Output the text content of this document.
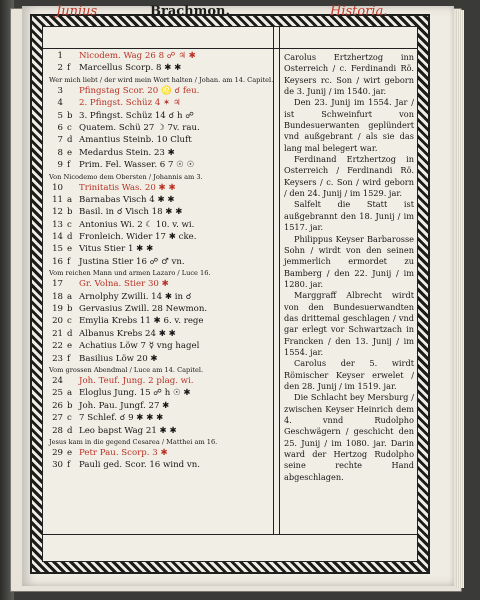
Junius	Brachmon.	Historia.
1 Nicodem. Wag 26 8 ☍ ♃ ✱
2 f	Marcellus Scorp. 8 ✱ ✱
Wer mich liebt / der wird mein Wort halten / Johan. am 14. Capitel.
3 Pfingstag Scor. 20 ♌ ☌ feu.
4 2. Pfingst. Schüz 4 ✶ ♃
5 b 3. Pfingst. Schüz 14 ☌ h ☍
6 c Quatem. Schü 27 ☽ 7v. rau.
7 d Amantius Steinb. 10 Cluft
8 e Medardus Stein. 23 ✱
9 f	Prim. Fel. Wasser. 6 7 ☉ ☉
Von Nicodemo dem Obersten / Johannis am 3.
10 Trinitatis Was. 20 ✱ ✱
11 a Barnabas Visch 4 ✱ ✱
12 b Basil. in ☌ Visch 18 ✱ ✱
13 c Antonius Wi. 2 ☾ 10. v. wi.
14 d Fronleich. Wider 17 ✱ cke.
15 e Vitus Stier 1 ✱ ✱
16 f	Justina Stier 16 ☍ ♂ vn.
Vom reichen Mann und armen Lazaro / Luce 16.
17 Gr. Volna. Stier 30 ✱
18 a Arnolphy Zwilli. 14 ✱ in ☌
19 b Gervasius Zwill. 28 Newmon.
20 c Emylia Krebs 11 ✱ 6. v. rege
21 d Albanus Krebs 24 ✱ ✱
22 e Achatius Löw 7 ☿ vng hagel
23 f	Basilius Löw 20 ✱
Vom grossen Abendmal / Luce am 14. Capitel.
24 Joh. Teuf. Jung. 2 plag. wi.
25 a Eloglus Jung. 15 ☍ h ☉ ✱
26 b Joh. Pau. Jungf. 27 ✱
27 c 7 Schlef. ☌ 9 ✱ ✱ ✱
28 d Leo bapst Wag 21 ✱ ✱
Jesus kam in die gegend Cesarea / Matthei am 16.
29 e Petr Pau. Scorp. 3 ✱
30 f	Pauli ged. Scor. 16 wind vn.

Carolus Ertzhertzog inn Osterreich / c. Ferdinandi Rö. Keysers rc. Son / wirt geborn de 3. Junij / im 1540. jar.

Den 23. Junij im 1554. Jar / ist Schweinfurt von Bundesuerwanten geplündert vnd außgebrant / als sie das lang mal belegert war.

Ferdinand Ertzhertzog in Osterreich / Ferdinandi Rö. Keysers / c. Son / wird geborn / den 24. Junij / im 1529. jar.

Salfelt die Statt ist außgebrannt den 18. Junij / im 1517. jar.

Philippus Keyser Barbarosse Sohn / wirdt von den seinen jemmerlich ermordet zu Bamberg / den 22. Junij / im 1280. jar.

Marggraff Albrecht wirdt von den Bundesuerwandten das drittemal geschlagen / vnd gar erlegt vor Schwartzach in Francken / den 13. Junij / im 1554. jar.

Carolus der 5. wirdt Römischer Keyser erwelet / den 28. Junij / im 1519. jar.

Die Schlacht bey Mersburg / zwischen Keyser Heinrich dem 4. vnnd Rudolpho Geschwägern / geschicht den 25. Junij / im 1080. jar. Darin ward der Hertzog Rudolpho seine rechte Hand abgeschlagen.
